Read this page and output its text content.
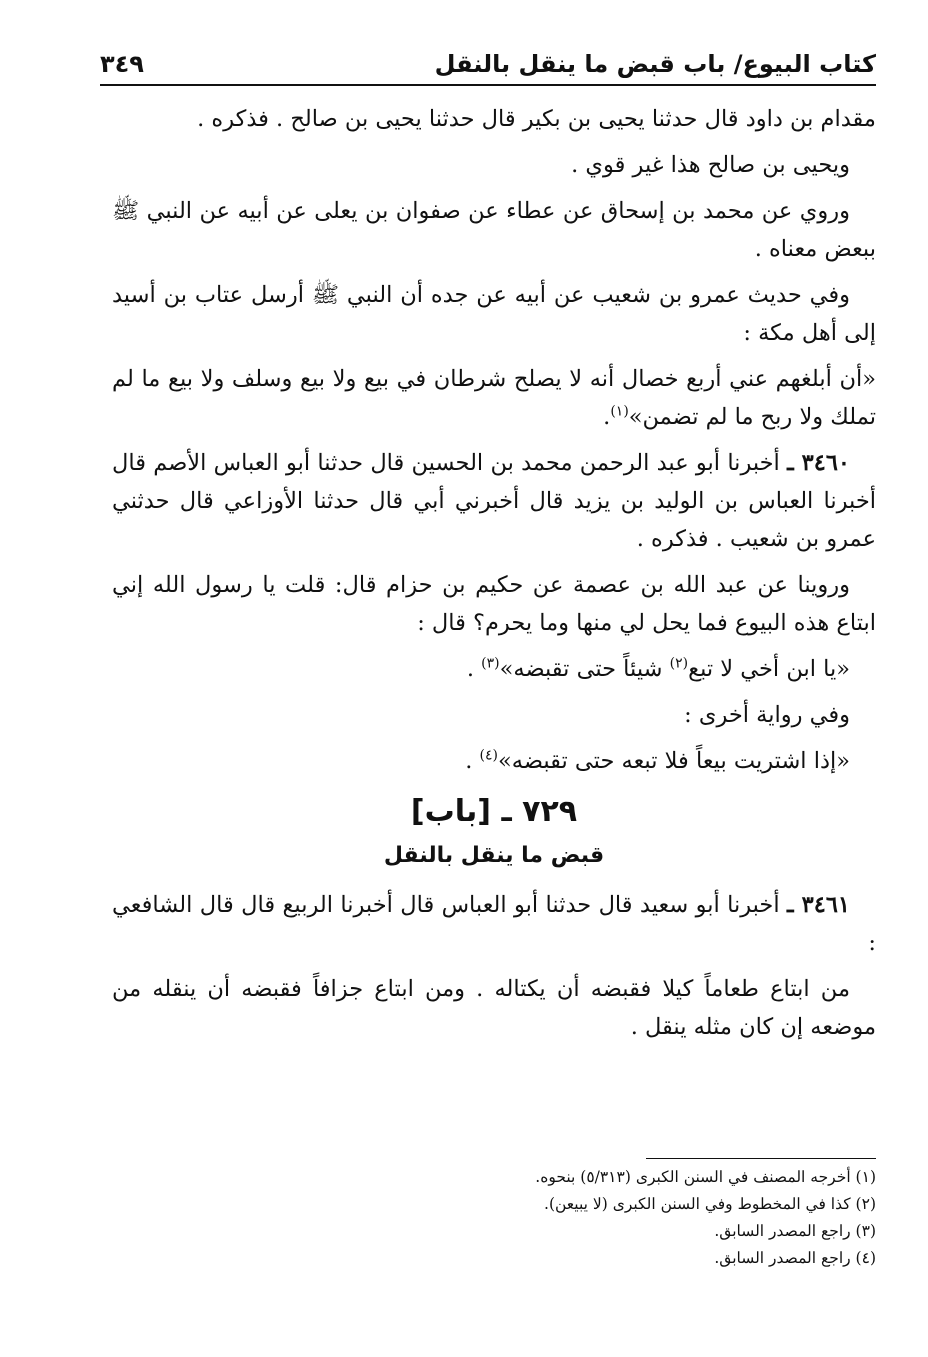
كتاب البيوع/ باب قبض ما ينقل بالنقل
٣٤٩

مقدام بن داود قال حدثنا يحيى بن بكير قال حدثنا يحيى بن صالح . فذكره .

ويحيى بن صالح هذا غير قوي .

وروي عن محمد بن إسحاق عن عطاء عن صفوان بن يعلى عن أبيه عن النبي ﷺ ببعض معناه .

وفي حديث عمرو بن شعيب عن أبيه عن جده أن النبي ﷺ أرسل عتاب بن أسيد إلى أهل مكة :

«أن أبلغهم عني أربع خصال أنه لا يصلح شرطان في بيع ولا بيع وسلف ولا بيع ما لم تملك ولا ربح ما لم تضمن»$^{(١)}$.

٣٤٦٠ ـ أخبرنا أبو عبد الرحمن محمد بن الحسين قال حدثنا أبو العباس الأصم قال أخبرنا العباس بن الوليد بن يزيد قال أخبرني أبي قال حدثنا الأوزاعي قال حدثني عمرو بن شعيب . فذكره .

وروينا عن عبد الله بن عصمة عن حكيم بن حزام قال: قلت يا رسول الله إني ابتاع هذه البيوع فما يحل لي منها وما يحرم؟ قال :

«يا ابن أخي لا تبع$^{(٢)}$ شيئاً حتى تقبضه»$^{(٣)}$ .

وفي رواية أخرى :

«إذا اشتريت بيعاً فلا تبعه حتى تقبضه»$^{(٤)}$ .

٧٢٩ ـ [باب]
قبض ما ينقل بالنقل

٣٤٦١ ـ أخبرنا أبو سعيد قال حدثنا أبو العباس قال أخبرنا الربيع قال قال الشافعي :

من ابتاع طعاماً كيلا فقبضه أن يكتاله . ومن ابتاع جزافاً فقبضه أن ينقله من موضعه إن كان مثله ينقل .

(١) أخرجه المصنف في السنن الكبرى (٥/٣١٣) بنحوه.
(٢) كذا في المخطوط وفي السنن الكبرى (لا يبيعن).
(٣) راجع المصدر السابق.
(٤) راجع المصدر السابق.
